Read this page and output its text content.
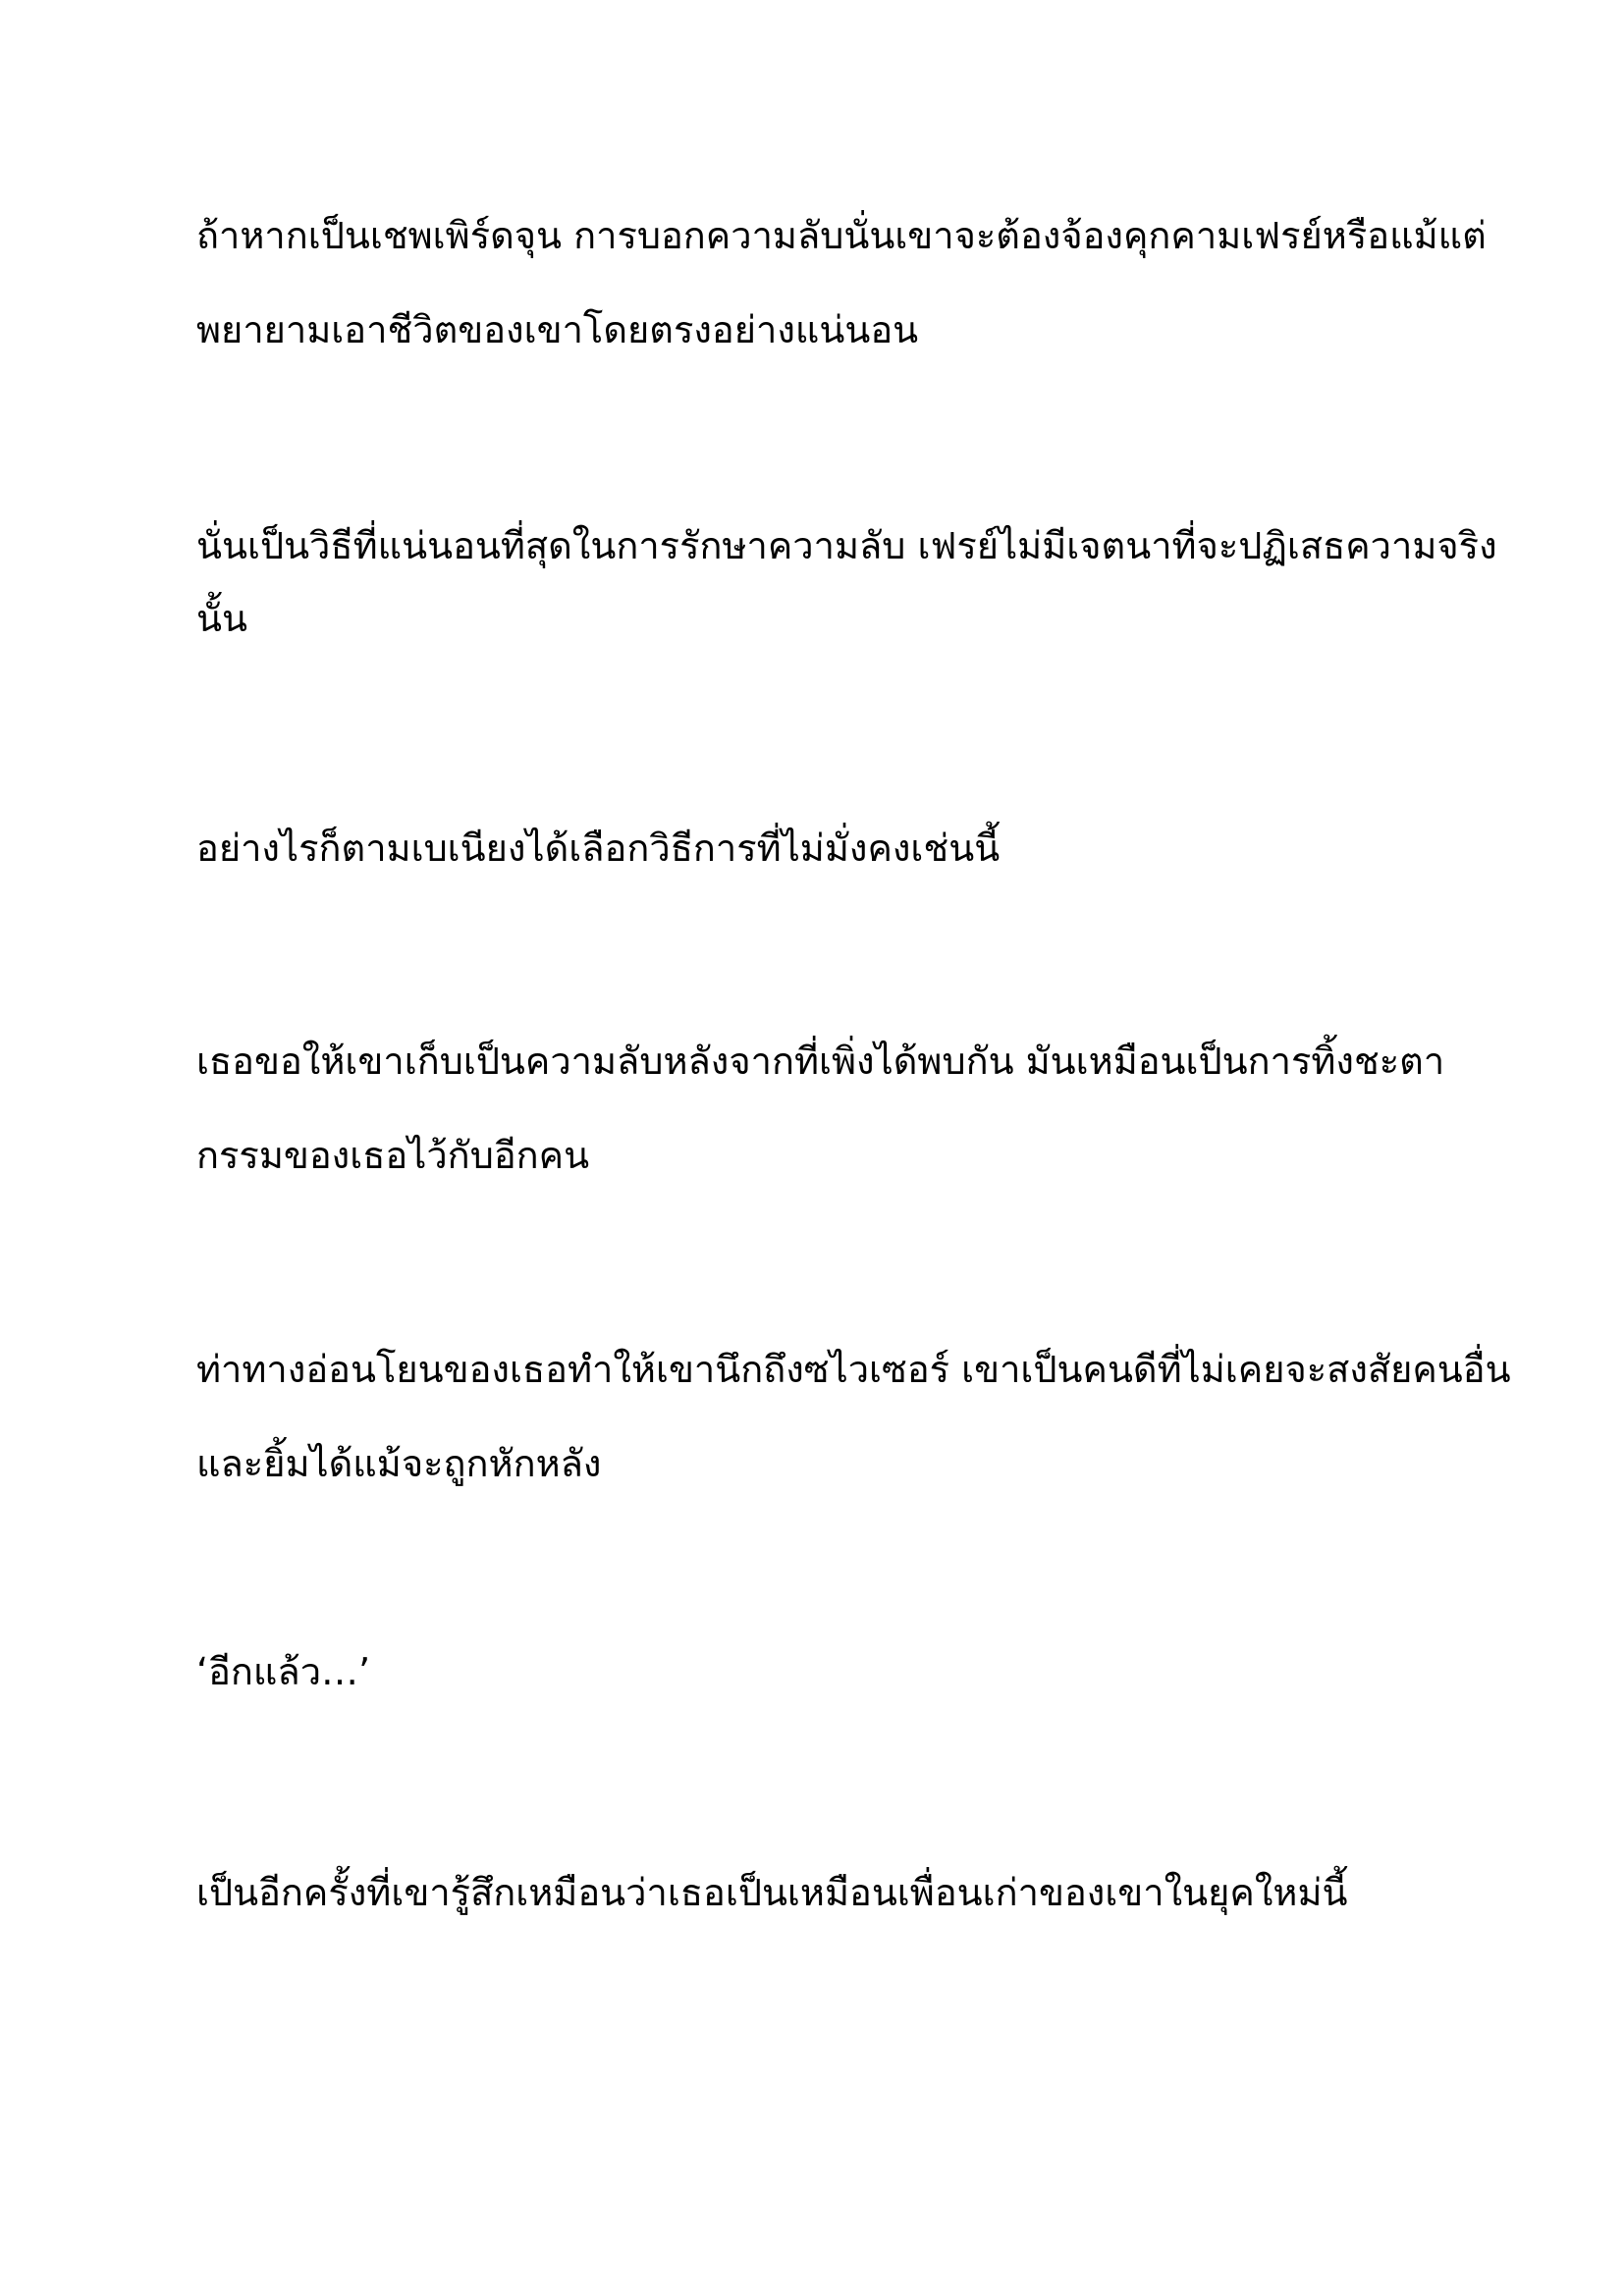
ถ้าหากเป็นเชพเพิร์ดจุน การบอกความลับนั่นเขาจะต้องจ้องคุกคามเฟรย์หรือแม้แต่
พยายามเอาชีวิตของเขาโดยตรงอย่างแน่นอน

นั่นเป็นวิธีที่แน่นอนที่สุดในการรักษาความลับ เฟรย์ไม่มีเจตนาที่จะปฏิเสธความจริง
นั้น

อย่างไรก็ตามเบเนียงได้เลือกวิธีการที่ไม่มั่งคงเช่นนี้

เธอขอให้เขาเก็บเป็นความลับหลังจากที่เพิ่งได้พบกัน มันเหมือนเป็นการทิ้งชะตา
กรรมของเธอไว้กับอีกคน

ท่าทางอ่อนโยนของเธอทำให้เขานึกถึงซไวเซอร์ เขาเป็นคนดีที่ไม่เคยจะสงสัยคนอื่น
และยิ้มได้แม้จะถูกหักหลัง

‘อีกแล้ว…’

เป็นอีกครั้งที่เขารู้สึกเหมือนว่าเธอเป็นเหมือนเพื่อนเก่าของเขาในยุคใหม่นี้
